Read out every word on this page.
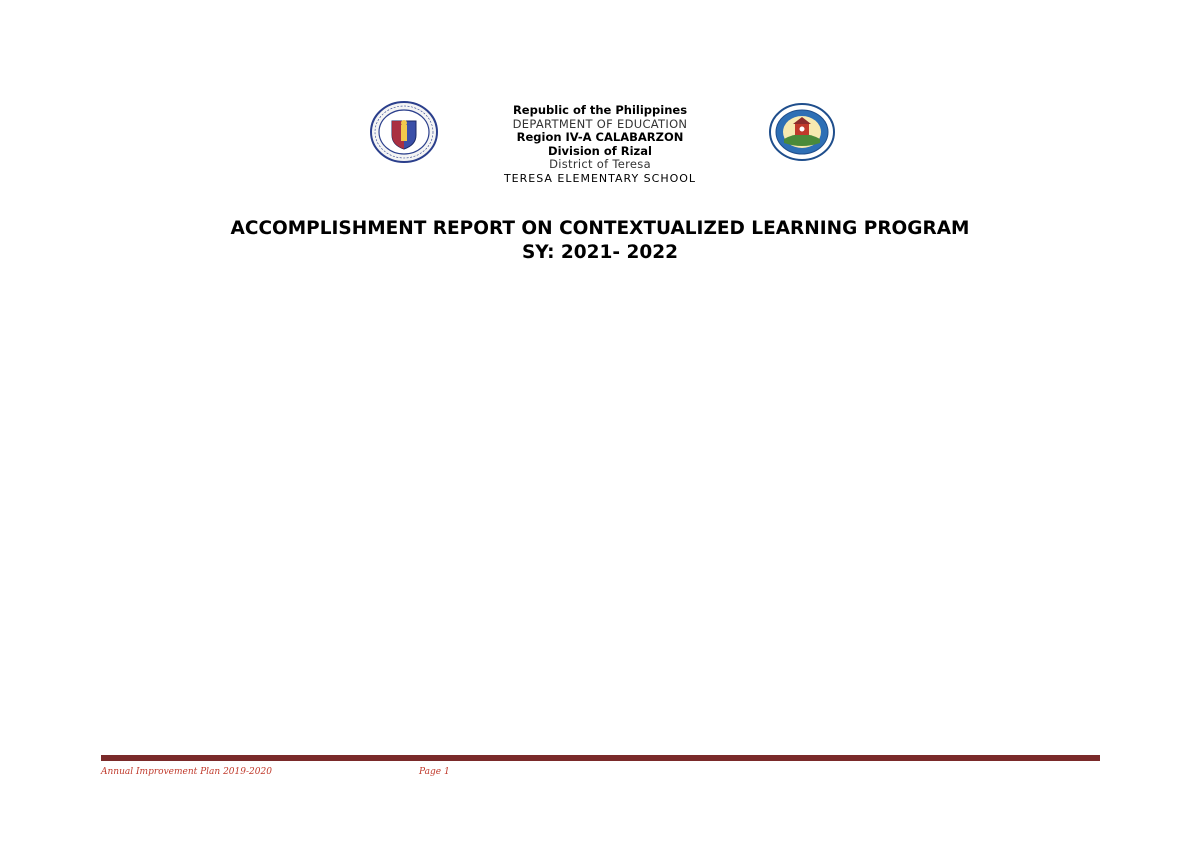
Republic of the Philippines
DEPARTMENT OF EDUCATION
Region IV-A CALABARZON
Division of Rizal
District of Teresa
TERESA ELEMENTARY SCHOOL
ACCOMPLISHMENT REPORT ON CONTEXTUALIZED LEARNING PROGRAM
SY: 2021- 2022
Annual Improvement Plan 2019-2020	Page 1
